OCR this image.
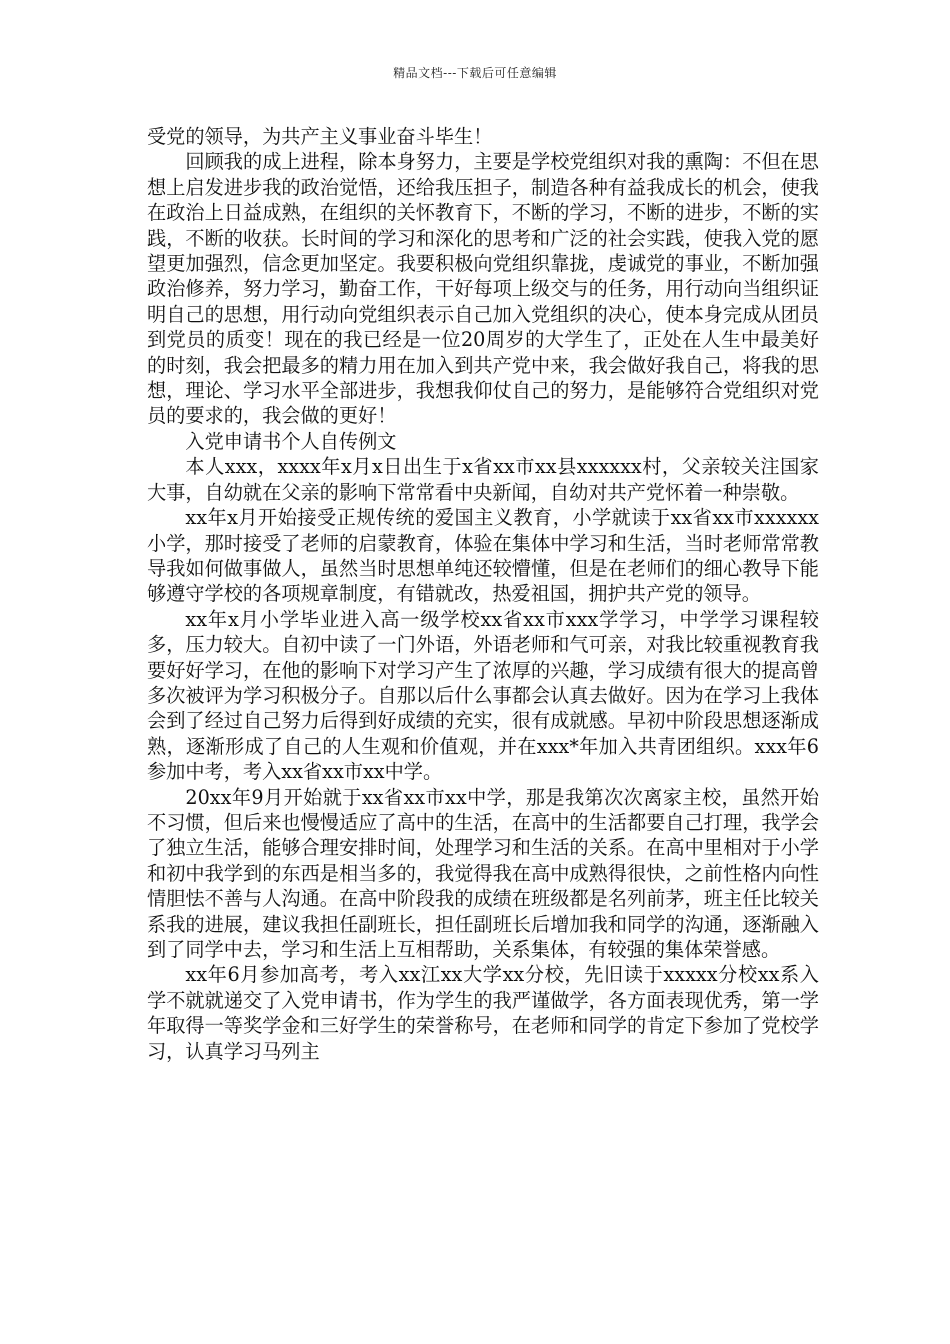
精品文档---下载后可任意编辑

受党的领导，为共产主义事业奋斗毕生！

回顾我的成上进程，除本身努力，主要是学校党组织对我的熏陶：不但在思想上启发进步我的政治觉悟，还给我压担子，制造各种有益我成长的机会，使我在政治上日益成熟，在组织的关怀教育下，不断的学习，不断的进步，不断的实践，不断的收获。长时间的学习和深化的思考和广泛的社会实践，使我入党的愿望更加强烈，信念更加坚定。我要积极向党组织靠拢，虔诚党的事业，不断加强政治修养，努力学习，勤奋工作，干好每项上级交与的任务，用行动向当组织证明自己的思想，用行动向党组织表示自己加入党组织的决心，使本身完成从团员到党员的质变！现在的我已经是一位20周岁的大学生了，正处在人生中最美好的时刻，我会把最多的精力用在加入到共产党中来，我会做好我自己，将我的思想，理论、学习水平全部进步，我想我仰仗自己的努力，是能够符合党组织对党员的要求的，我会做的更好！

入党申请书个人自传例文

本人xxx，xxxx年x月x日出生于x省xx市xx县xxxxxx村，父亲较关注国家大事，自幼就在父亲的影响下常常看中央新闻，自幼对共产党怀着一种崇敬。

xx年x月开始接受正规传统的爱国主义教育，小学就读于xx省xx市xxxxxx小学，那时接受了老师的启蒙教育，体验在集体中学习和生活，当时老师常常教导我如何做事做人，虽然当时思想单纯还较懵懂，但是在老师们的细心教导下能够遵守学校的各项规章制度，有错就改，热爱祖国，拥护共产党的领导。

xx年x月小学毕业进入高一级学校xx省xx市xxx学学习，中学学习课程较多，压力较大。自初中读了一门外语，外语老师和气可亲，对我比较重视教育我要好好学习，在他的影响下对学习产生了浓厚的兴趣，学习成绩有很大的提高曾多次被评为学习积极分子。自那以后什么事都会认真去做好。因为在学习上我体会到了经过自己努力后得到好成绩的充实，很有成就感。早初中阶段思想逐渐成熟，逐渐形成了自己的人生观和价值观，并在xxx*年加入共青团组织。xxx年6参加中考，考入xx省xx市xx中学。

20xx年9月开始就于xx省xx市xx中学，那是我第次次离家主校，虽然开始不习惯，但后来也慢慢适应了高中的生活，在高中的生活都要自己打理，我学会了独立生活，能够合理安排时间，处理学习和生活的关系。在高中里相对于小学和初中我学到的东西是相当多的，我觉得我在高中成熟得很快，之前性格内向性情胆怯不善与人沟通。在高中阶段我的成绩在班级都是名列前茅，班主任比较关系我的进展，建议我担任副班长，担任副班长后增加我和同学的沟通，逐渐融入到了同学中去，学习和生活上互相帮助，关系集体，有较强的集体荣誉感。

xx年6月参加高考，考入xx江xx大学xx分校，先旧读于xxxxx分校xx系入学不就就递交了入党申请书，作为学生的我严谨做学，各方面表现优秀，第一学年取得一等奖学金和三好学生的荣誉称号，在老师和同学的肯定下参加了党校学习，认真学习马列主
